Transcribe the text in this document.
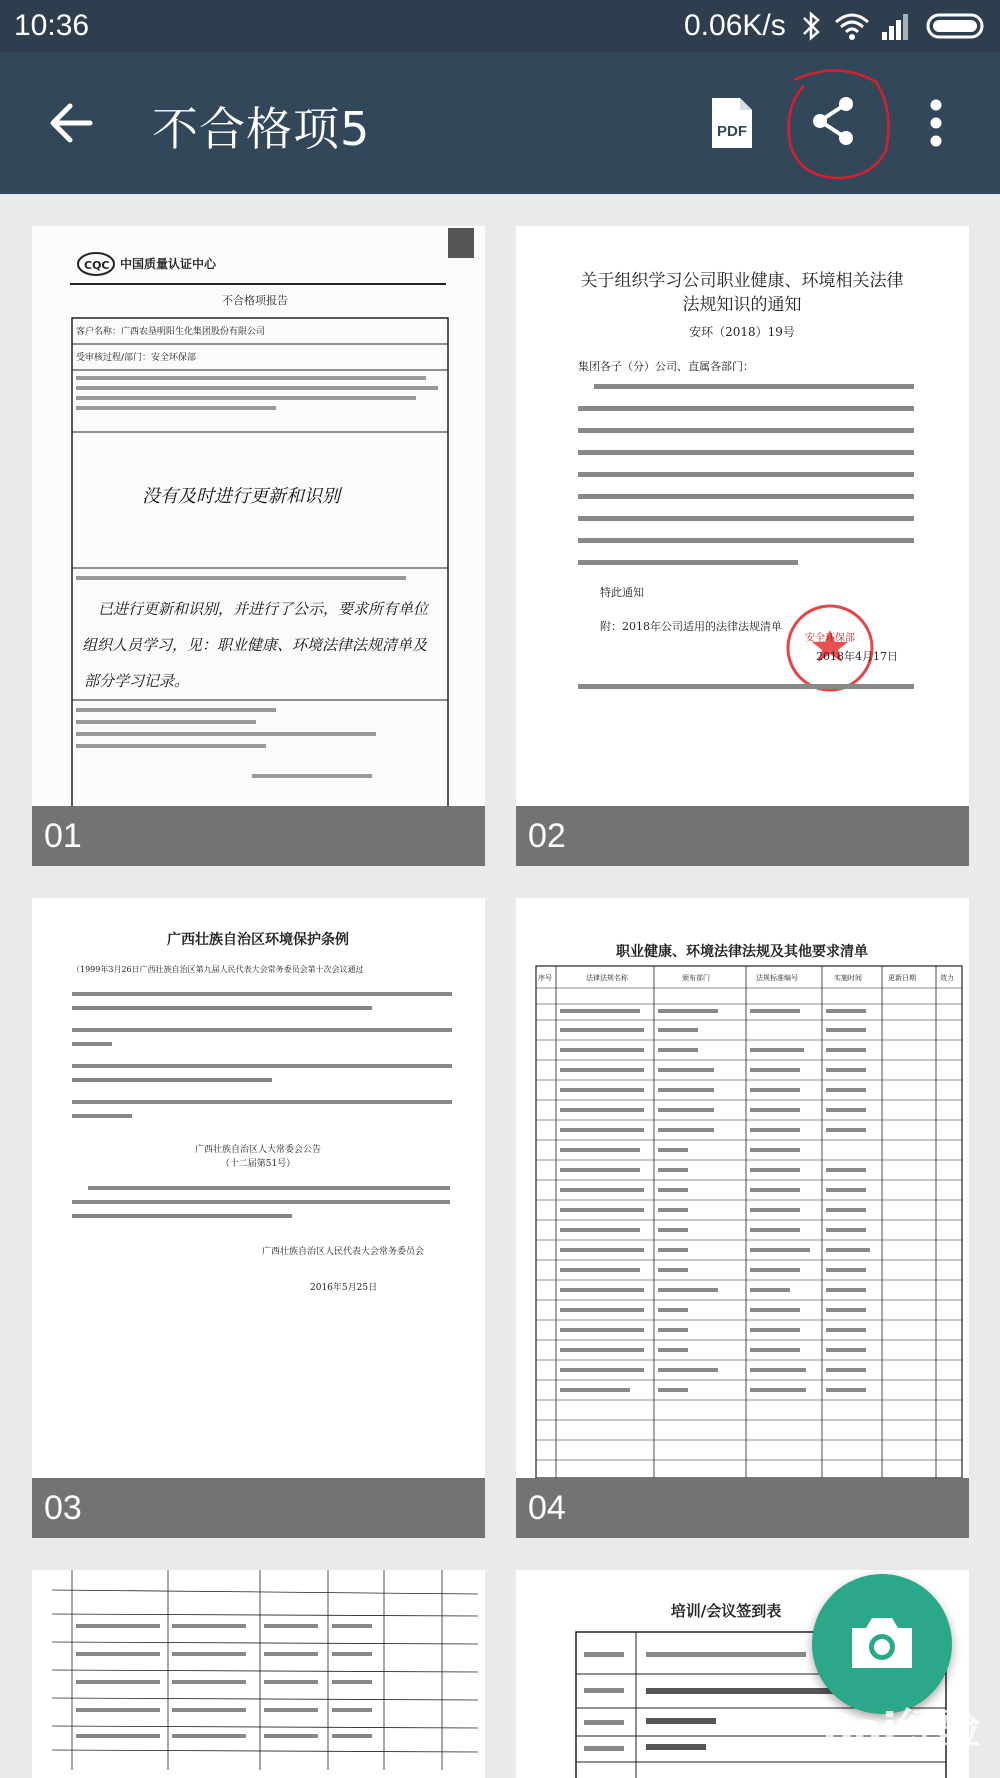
10:36	0.06K/s
不合格项5	PDF
CQC 中国质量认证中心
不合格项报告
客户名称：广西农垦明阳生化集团股份有限公司
受审核过程/部门：安全环保部
没有及时进行更新和识别
已进行更新和识别，并进行了公示，要求所有单位
组织人员学习，见：职业健康、环境法律法规清单及
部分学习记录。
01
关于组织学习公司职业健康、环境相关法律
法规知识的通知
安环（2018）19号
集团各子（分）公司、直属各部门：
特此通知
附：2018年公司适用的法律法规清单
安全环保部
2018年4月17日
02
广西壮族自治区环境保护条例
（1999年3月26日广西壮族自治区第九届人民代表大会常务委员会第十次会议通过
广西壮族自治区人大常委会公告
（十二届第51号）
广西壮族自治区人民代表大会常务委员会
2016年5月25日
03
职业健康、环境法律法规及其他要求清单
序号	法律法规名称	颁布部门	法规标准编号	实施时间	更新日期	效力
04
培训/会议签到表
Bai经验
